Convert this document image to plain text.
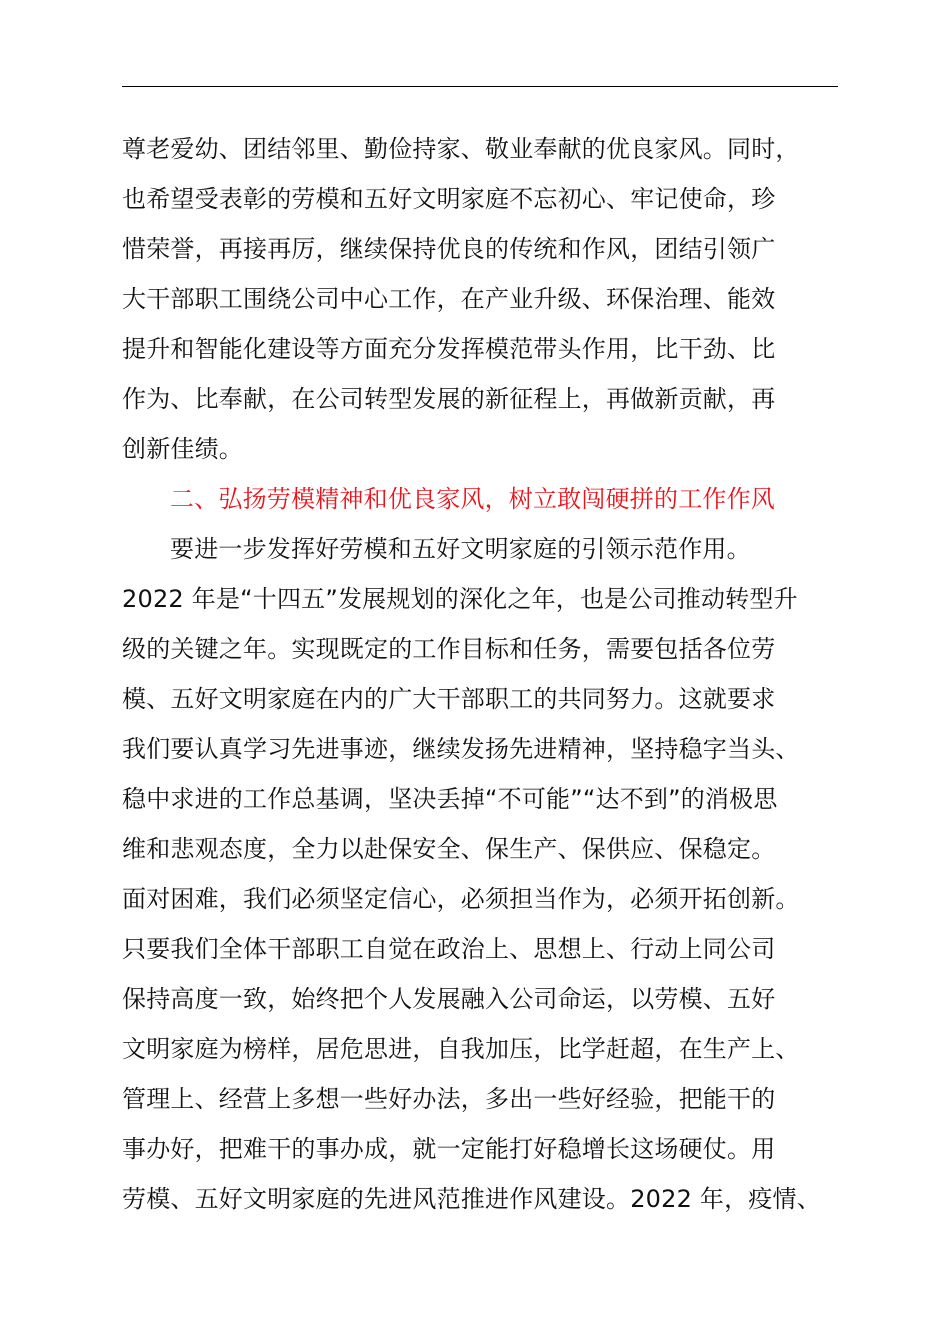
尊老爱幼、团结邻里、勤俭持家、敬业奉献的优良家风。同时，
也希望受表彰的劳模和五好文明家庭不忘初心、牢记使命，珍
惜荣誉，再接再厉，继续保持优良的传统和作风，团结引领广
大干部职工围绕公司中心工作，在产业升级、环保治理、能效
提升和智能化建设等方面充分发挥模范带头作用，比干劲、比
作为、比奉献，在公司转型发展的新征程上，再做新贡献，再
创新佳绩。
二、弘扬劳模精神和优良家风，树立敢闯硬拼的工作作风
要进一步发挥好劳模和五好文明家庭的引领示范作用。
2022 年是“十四五”发展规划的深化之年，也是公司推动转型升
级的关键之年。实现既定的工作目标和任务，需要包括各位劳
模、五好文明家庭在内的广大干部职工的共同努力。这就要求
我们要认真学习先进事迹，继续发扬先进精神，坚持稳字当头、
稳中求进的工作总基调，坚决丢掉“不可能”“达不到”的消极思
维和悲观态度，全力以赴保安全、保生产、保供应、保稳定。
面对困难，我们必须坚定信心，必须担当作为，必须开拓创新。
只要我们全体干部职工自觉在政治上、思想上、行动上同公司
保持高度一致，始终把个人发展融入公司命运，以劳模、五好
文明家庭为榜样，居危思进，自我加压，比学赶超，在生产上、
管理上、经营上多想一些好办法，多出一些好经验，把能干的
事办好，把难干的事办成，就一定能打好稳增长这场硬仗。用
劳模、五好文明家庭的先进风范推进作风建设。2022 年，疫情、
